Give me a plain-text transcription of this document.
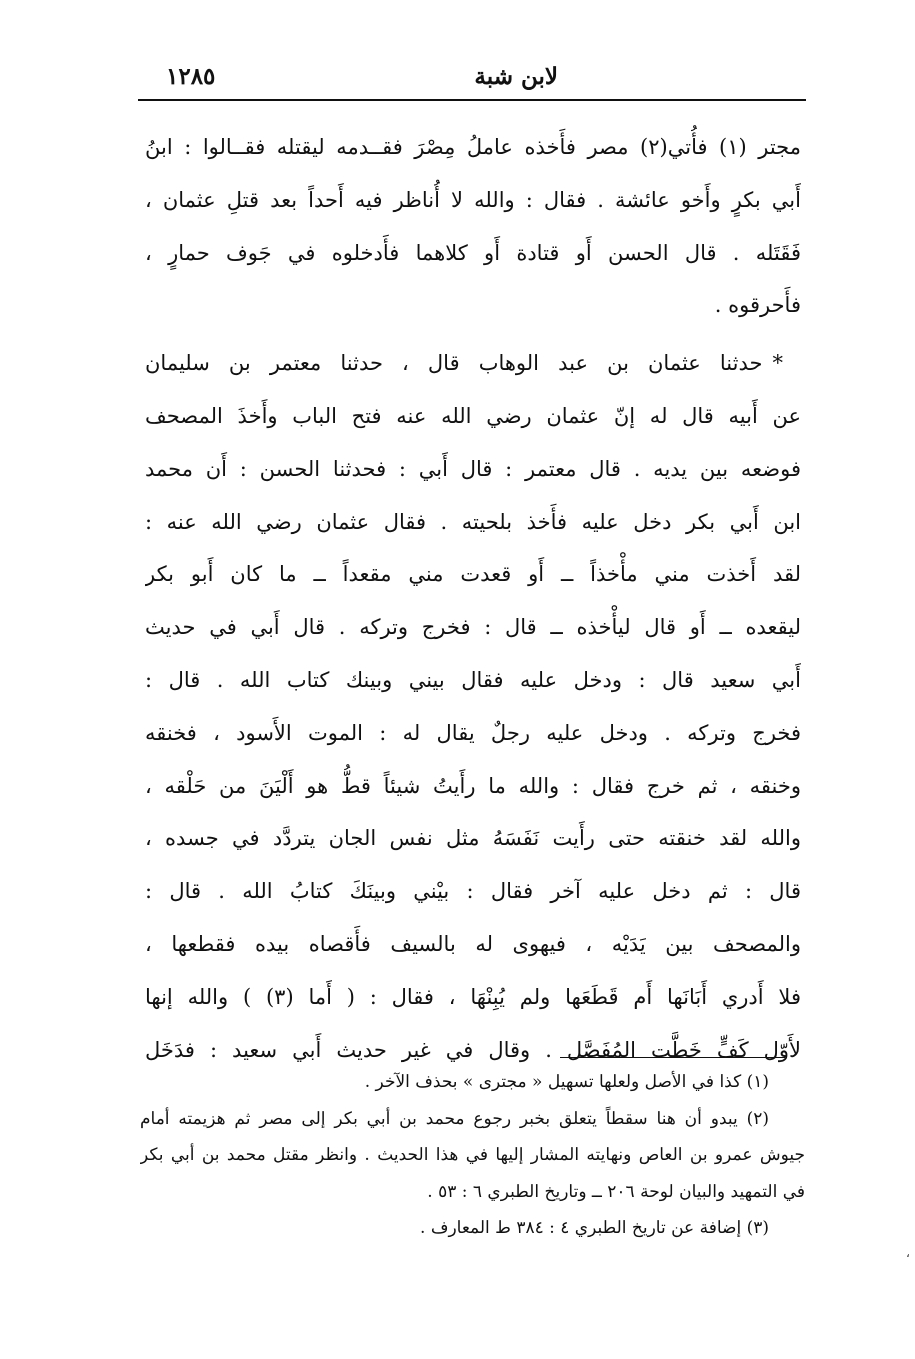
لابن شبة
١٢٨٥
مجتر (١) فأُتي(٢) مصر فأَخذه عاملُ مِصْرَ فقــدمه ليقتله فقــالوا : ابنُ
أَبي بكرٍ وأَخو عائشة . فقال : والله لا أُناظر فيه أَحداً بعد قتلِ عثمان ،
فَقَتَله . قال الحسن أَو قتادة أَو كلاهما فأَدخلوه في جَوف حمارٍ ،
فأَحرقوه .
*حدثنا عثمان بن عبد الوهاب قال ، حدثنا معتمر بن سليمان
عن أَبيه قال له إنّ عثمان رضي الله عنه فتح الباب وأَخذَ المصحف
فوضعه بين يديه . قال معتمر : قال أَبي : فحدثنا الحسن : أَن محمد
ابن أَبي بكر دخل عليه فأَخذ بلحيته . فقال عثمان رضي الله عنه :
لقد أَخذت مني مأْخذاً ــ أَو قعدت مني مقعداً ــ ما كان أَبو بكر
ليقعده ــ أَو قال ليأْخذه ــ قال : فخرج وتركه . قال أَبي في حديث
أَبي سعيد قال : ودخل عليه فقال بيني وبينك كتاب الله . قال :
فخرج وتركه . ودخل عليه رجلٌ يقال له : الموت الأَسود ، فخنقه
وخنقه ، ثم خرج فقال : والله ما رأَيتُ شيئاً قطُّ هو أَلْيَنَ من حَلْقه ،
والله لقد خنقته حتى رأَيت نَفَسَهُ مثل نفس الجان يتردَّد في جسده ،
قال : ثم دخل عليه آخر فقال : بيْني وبينَكَ كتابُ الله . قال :
والمصحف بين يَدَيْه ، فيهوى له بالسيف فأَقصاه بيده فقطعها ،
فلا أَدري أَبَانَها أَم قَطَعَها ولم يُبِنْهَا ، فقال : ( أَما (٣) ) والله إنها
لأَوّل كَفٍّ خَطَّت المُفَصَّل . وقال في غير حديث أَبي سعيد : فدَخَل
(١) كذا في الأصل ولعلها تسهيل « مجترى » بحذف الآخر .
(٢) يبدو أن هنا سقطاً يتعلق بخبر رجوع محمد بن أبي بكر إلى مصر ثم هزيمته أمام
جيوش عمرو بن العاص ونهايته المشار إليها في هذا الحديث . وانظر مقتل محمد بن أبي بكر
في التمهيد والبيان لوحة ٢٠٦ ــ وتاريخ الطبري ٦ : ٥٣ .
(٣) إضافة عن تاريخ الطبري ٤ : ٣٨٤ ط المعارف .
،
